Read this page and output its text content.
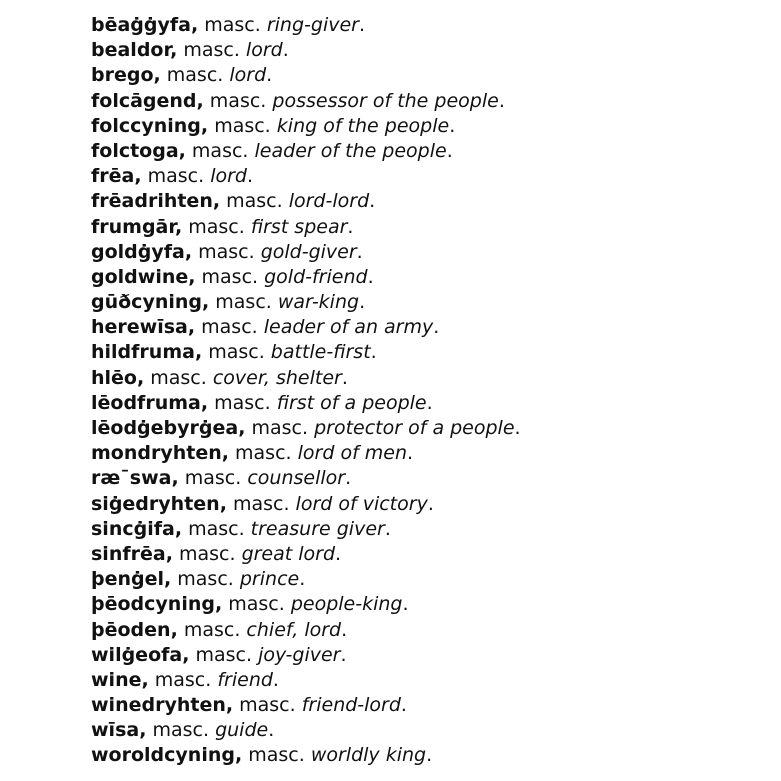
bēaġġyfa, masc. ring-giver.
bealdor, masc. lord.
brego, masc. lord.
folcāgend, masc. possessor of the people.
folccyning, masc. king of the people.
folctoga, masc. leader of the people.
frēa, masc. lord.
frēadrihten, masc. lord-lord.
frumgār, masc. first spear.
goldġyfa, masc. gold-giver.
goldwine, masc. gold-friend.
gūðcyning, masc. war-king.
herewīsa, masc. leader of an army.
hildfruma, masc. battle-first.
hlēo, masc. cover, shelter.
lēodfruma, masc. first of a people.
lēodġebyrġea, masc. protector of a people.
mondryhten, masc. lord of men.
ræ¯swa, masc. counsellor.
siġedryhten, masc. lord of victory.
sincġifa, masc. treasure giver.
sinfrēa, masc. great lord.
þenġel, masc. prince.
þēodcyning, masc. people-king.
þēoden, masc. chief, lord.
wilġeofa, masc. joy-giver.
wine, masc. friend.
winedryhten, masc. friend-lord.
wīsa, masc. guide.
woroldcyning, masc. worldly king.
